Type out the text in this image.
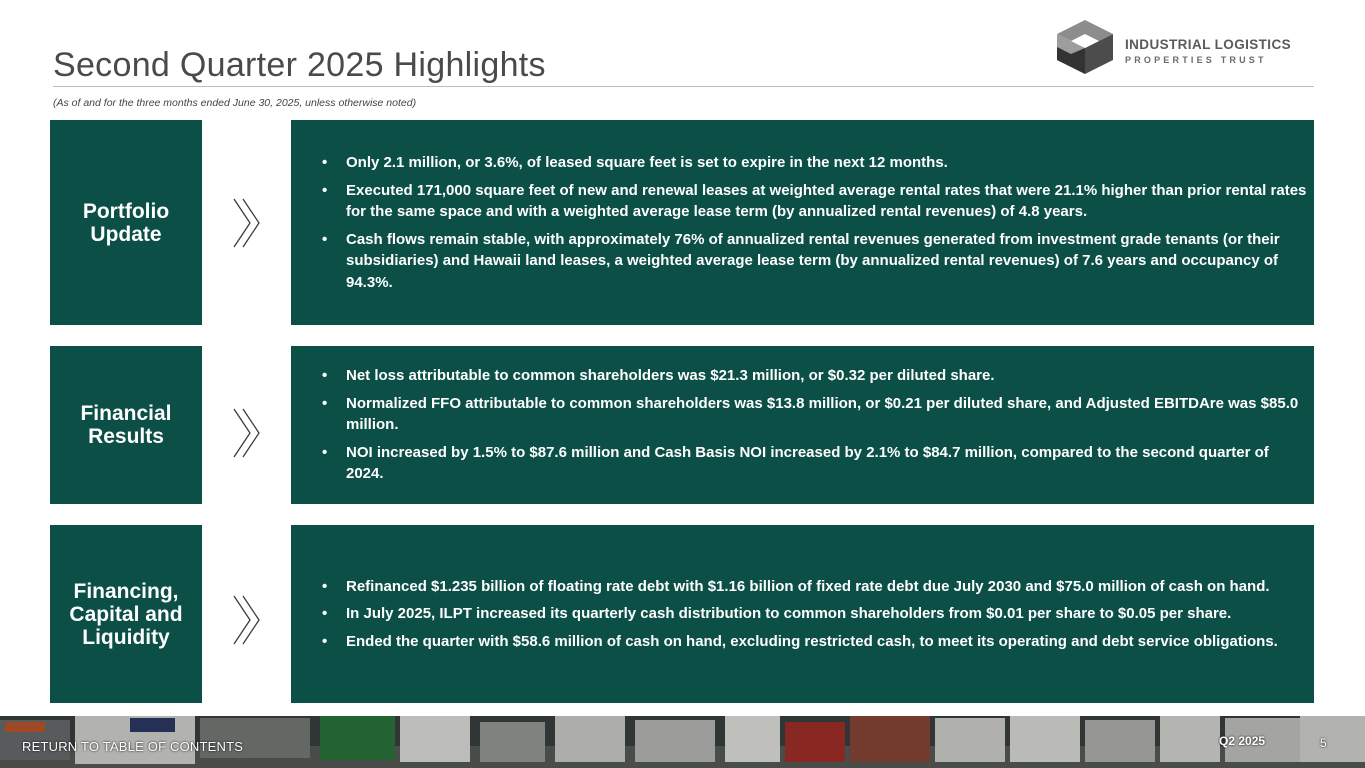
Second Quarter 2025 Highlights
(As of and for the three months ended June 30, 2025, unless otherwise noted)
INDUSTRIAL LOGISTICS
PROPERTIES TRUST
Portfolio Update
• Only 2.1 million, or 3.6%, of leased square feet is set to expire in the next 12 months.
• Executed 171,000 square feet of new and renewal leases at weighted average rental rates that were 21.1% higher than prior rental rates for the same space and with a weighted average lease term (by annualized rental revenues) of 4.8 years.
• Cash flows remain stable, with approximately 76% of annualized rental revenues generated from investment grade tenants (or their subsidiaries) and Hawaii land leases, a weighted average lease term (by annualized rental revenues) of 7.6 years and occupancy of 94.3%.
Financial Results
• Net loss attributable to common shareholders was $21.3 million, or $0.32 per diluted share.
• Normalized FFO attributable to common shareholders was $13.8 million, or $0.21 per diluted share, and Adjusted EBITDAre was $85.0 million.
• NOI increased by 1.5% to $87.6 million and Cash Basis NOI increased by 2.1% to $84.7 million, compared to the second quarter of 2024.
Financing, Capital and Liquidity
• Refinanced $1.235 billion of floating rate debt with $1.16 billion of fixed rate debt due July 2030 and $75.0 million of cash on hand.
• In July 2025, ILPT increased its quarterly cash distribution to common shareholders from $0.01 per share to $0.05 per share.
• Ended the quarter with $58.6 million of cash on hand, excluding restricted cash, to meet its operating and debt service obligations.
RETURN TO TABLE OF CONTENTS	Q2 2025	5
